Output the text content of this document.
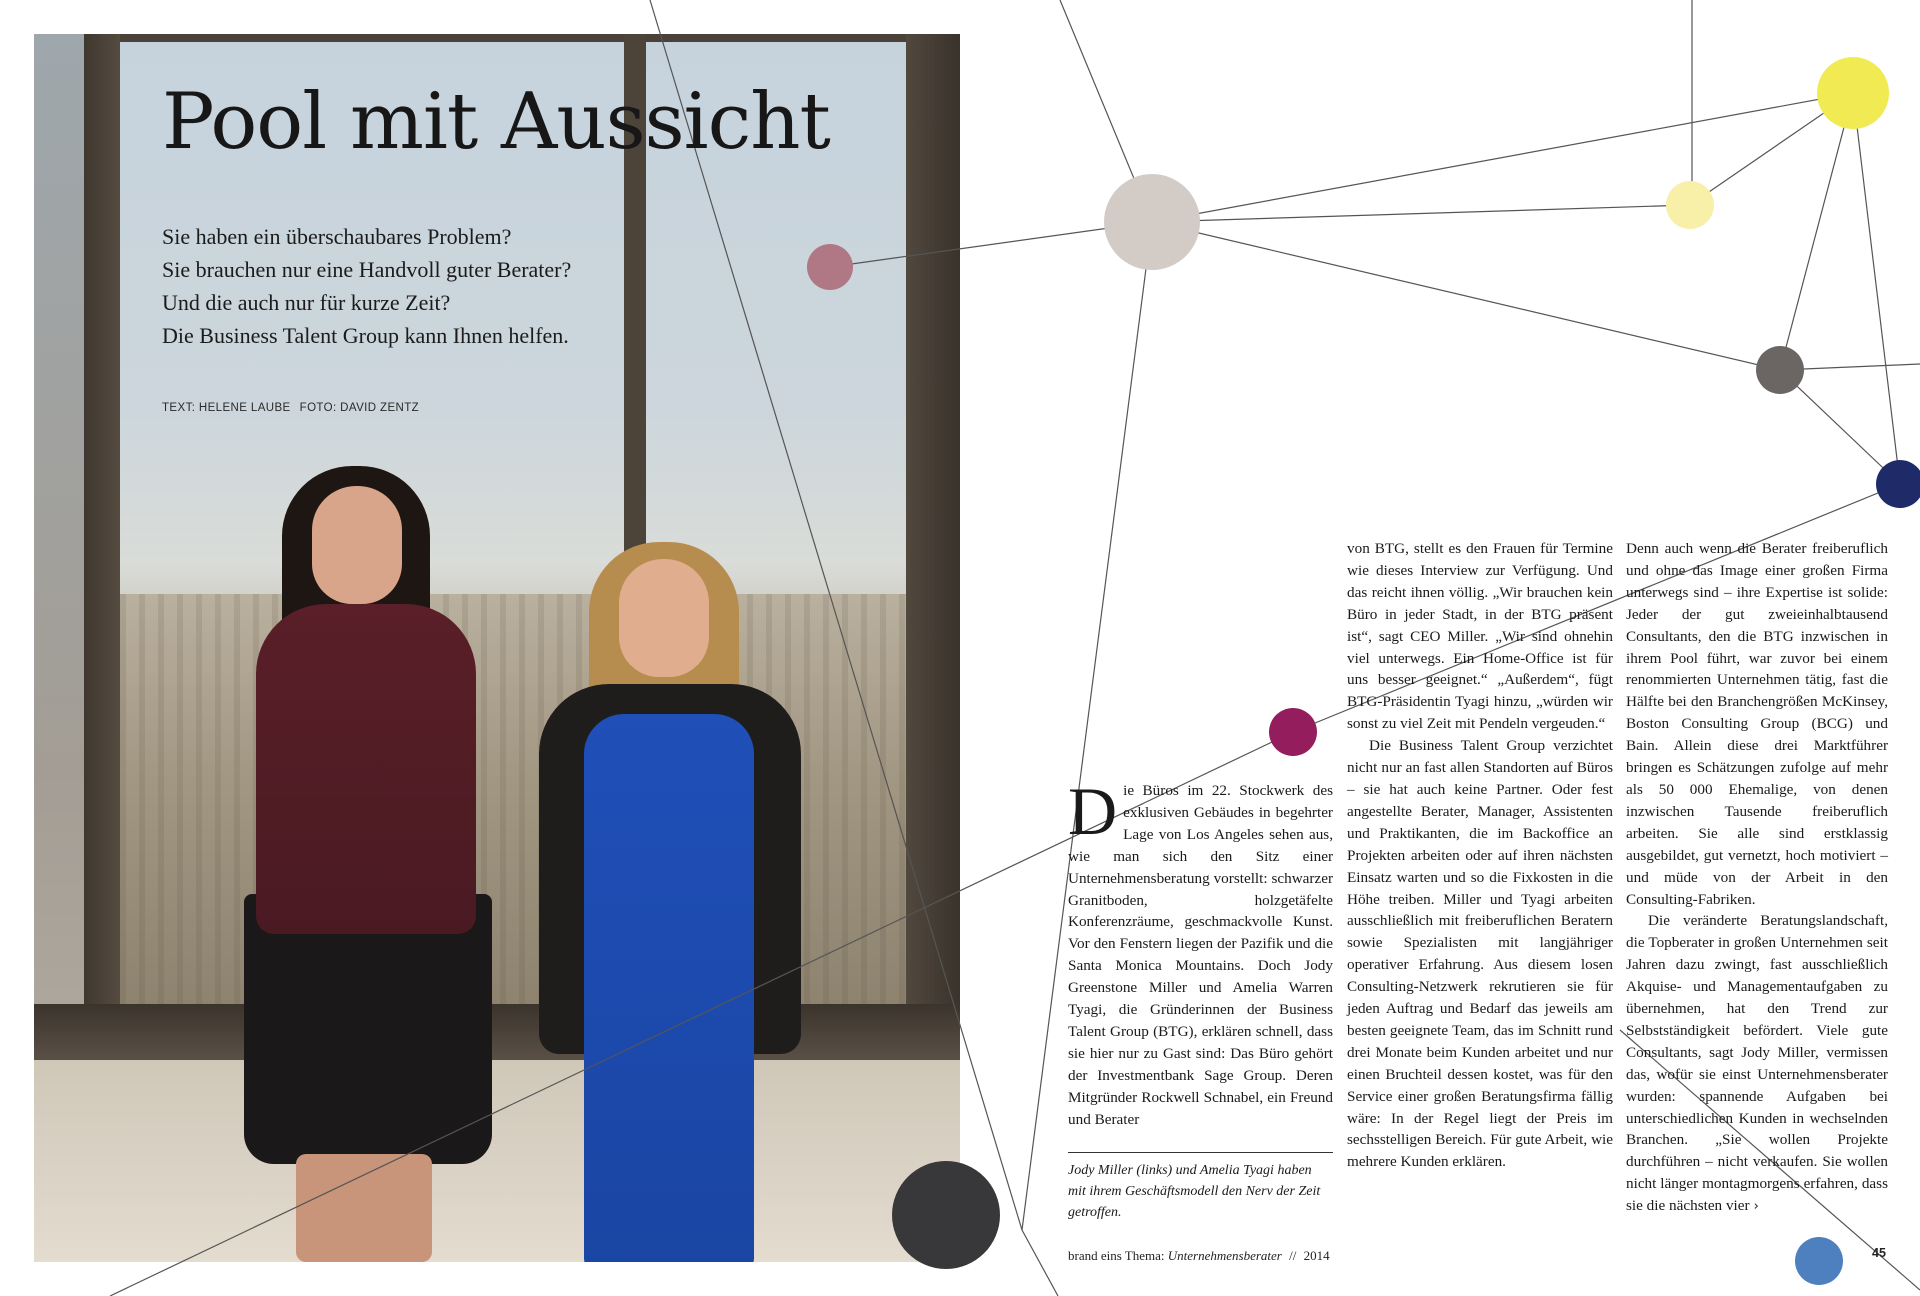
Pool mit Aussicht
Sie haben ein überschaubares Problem?
Sie brauchen nur eine Handvoll guter Berater?
Und die auch nur für kurze Zeit?
Die Business Talent Group kann Ihnen helfen.
TEXT: HELENE LAUBE FOTO: DAVID ZENTZ

Die Büros im 22. Stockwerk des exklusiven Gebäudes in begehrter Lage von Los Angeles sehen aus, wie man sich den Sitz einer Unternehmensberatung vorstellt: schwarzer Granitboden, holzgetäfelte Konferenzräume, geschmackvolle Kunst. Vor den Fenstern liegen der Pazifik und die Santa Monica Mountains. Doch Jody Greenstone Miller und Amelia Warren Tyagi, die Gründerinnen der Business Talent Group (BTG), erklären schnell, dass sie hier nur zu Gast sind: Das Büro gehört der Investmentbank Sage Group. Deren Mitgründer Rockwell Schnabel, ein Freund und Berater

Jody Miller (links) und Amelia Tyagi haben mit ihrem Geschäftsmodell den Nerv der Zeit getroffen.

von BTG, stellt es den Frauen für Termine wie dieses Interview zur Verfügung. Und das reicht ihnen völlig. „Wir brauchen kein Büro in jeder Stadt, in der BTG präsent ist“, sagt CEO Miller. „Wir sind ohnehin viel unterwegs. Ein Home-Office ist für uns besser geeignet.“ „Außerdem“, fügt BTG-Präsidentin Tyagi hinzu, „würden wir sonst zu viel Zeit mit Pendeln vergeuden.“

Die Business Talent Group verzichtet nicht nur an fast allen Standorten auf Büros – sie hat auch keine Partner. Oder fest angestellte Berater, Manager, Assistenten und Praktikanten, die im Backoffice an Projekten arbeiten oder auf ihren nächsten Einsatz warten und so die Fixkosten in die Höhe treiben. Miller und Tyagi arbeiten ausschließlich mit freiberuflichen Beratern sowie Spezialisten mit langjähriger operativer Erfahrung. Aus diesem losen Consulting-Netzwerk rekrutieren sie für jeden Auftrag und Bedarf das jeweils am besten geeignete Team, das im Schnitt rund drei Monate beim Kunden arbeitet und nur einen Bruchteil dessen kostet, was für den Service einer großen Beratungsfirma fällig wäre: In der Regel liegt der Preis im sechsstelligen Bereich. Für gute Arbeit, wie mehrere Kunden erklären.

Denn auch wenn die Berater freiberuflich und ohne das Image einer großen Firma unterwegs sind – ihre Expertise ist solide: Jeder der gut zweieinhalbtausend Consultants, den die BTG inzwischen in ihrem Pool führt, war zuvor bei einem renommierten Unternehmen tätig, fast die Hälfte bei den Branchengrößen McKinsey, Boston Consulting Group (BCG) und Bain. Allein diese drei Marktführer bringen es Schätzungen zufolge auf mehr als 50 000 Ehemalige, von denen inzwischen Tausende freiberuflich arbeiten. Sie alle sind erstklassig ausgebildet, gut vernetzt, hoch motiviert – und müde von der Arbeit in den Consulting-Fabriken.

Die veränderte Beratungslandschaft, die Topberater in großen Unternehmen seit Jahren dazu zwingt, fast ausschließlich Akquise- und Managementaufgaben zu übernehmen, hat den Trend zur Selbstständigkeit befördert. Viele gute Consultants, sagt Jody Miller, vermissen das, wofür sie einst Unternehmensberater wurden: spannende Aufgaben bei unterschiedlichen Kunden in wechselnden Branchen. „Sie wollen Projekte durchführen – nicht verkaufen. Sie wollen nicht länger montagmorgens erfahren, dass sie die nächsten vier ›

brand eins Thema: Unternehmensberater // 2014	45
